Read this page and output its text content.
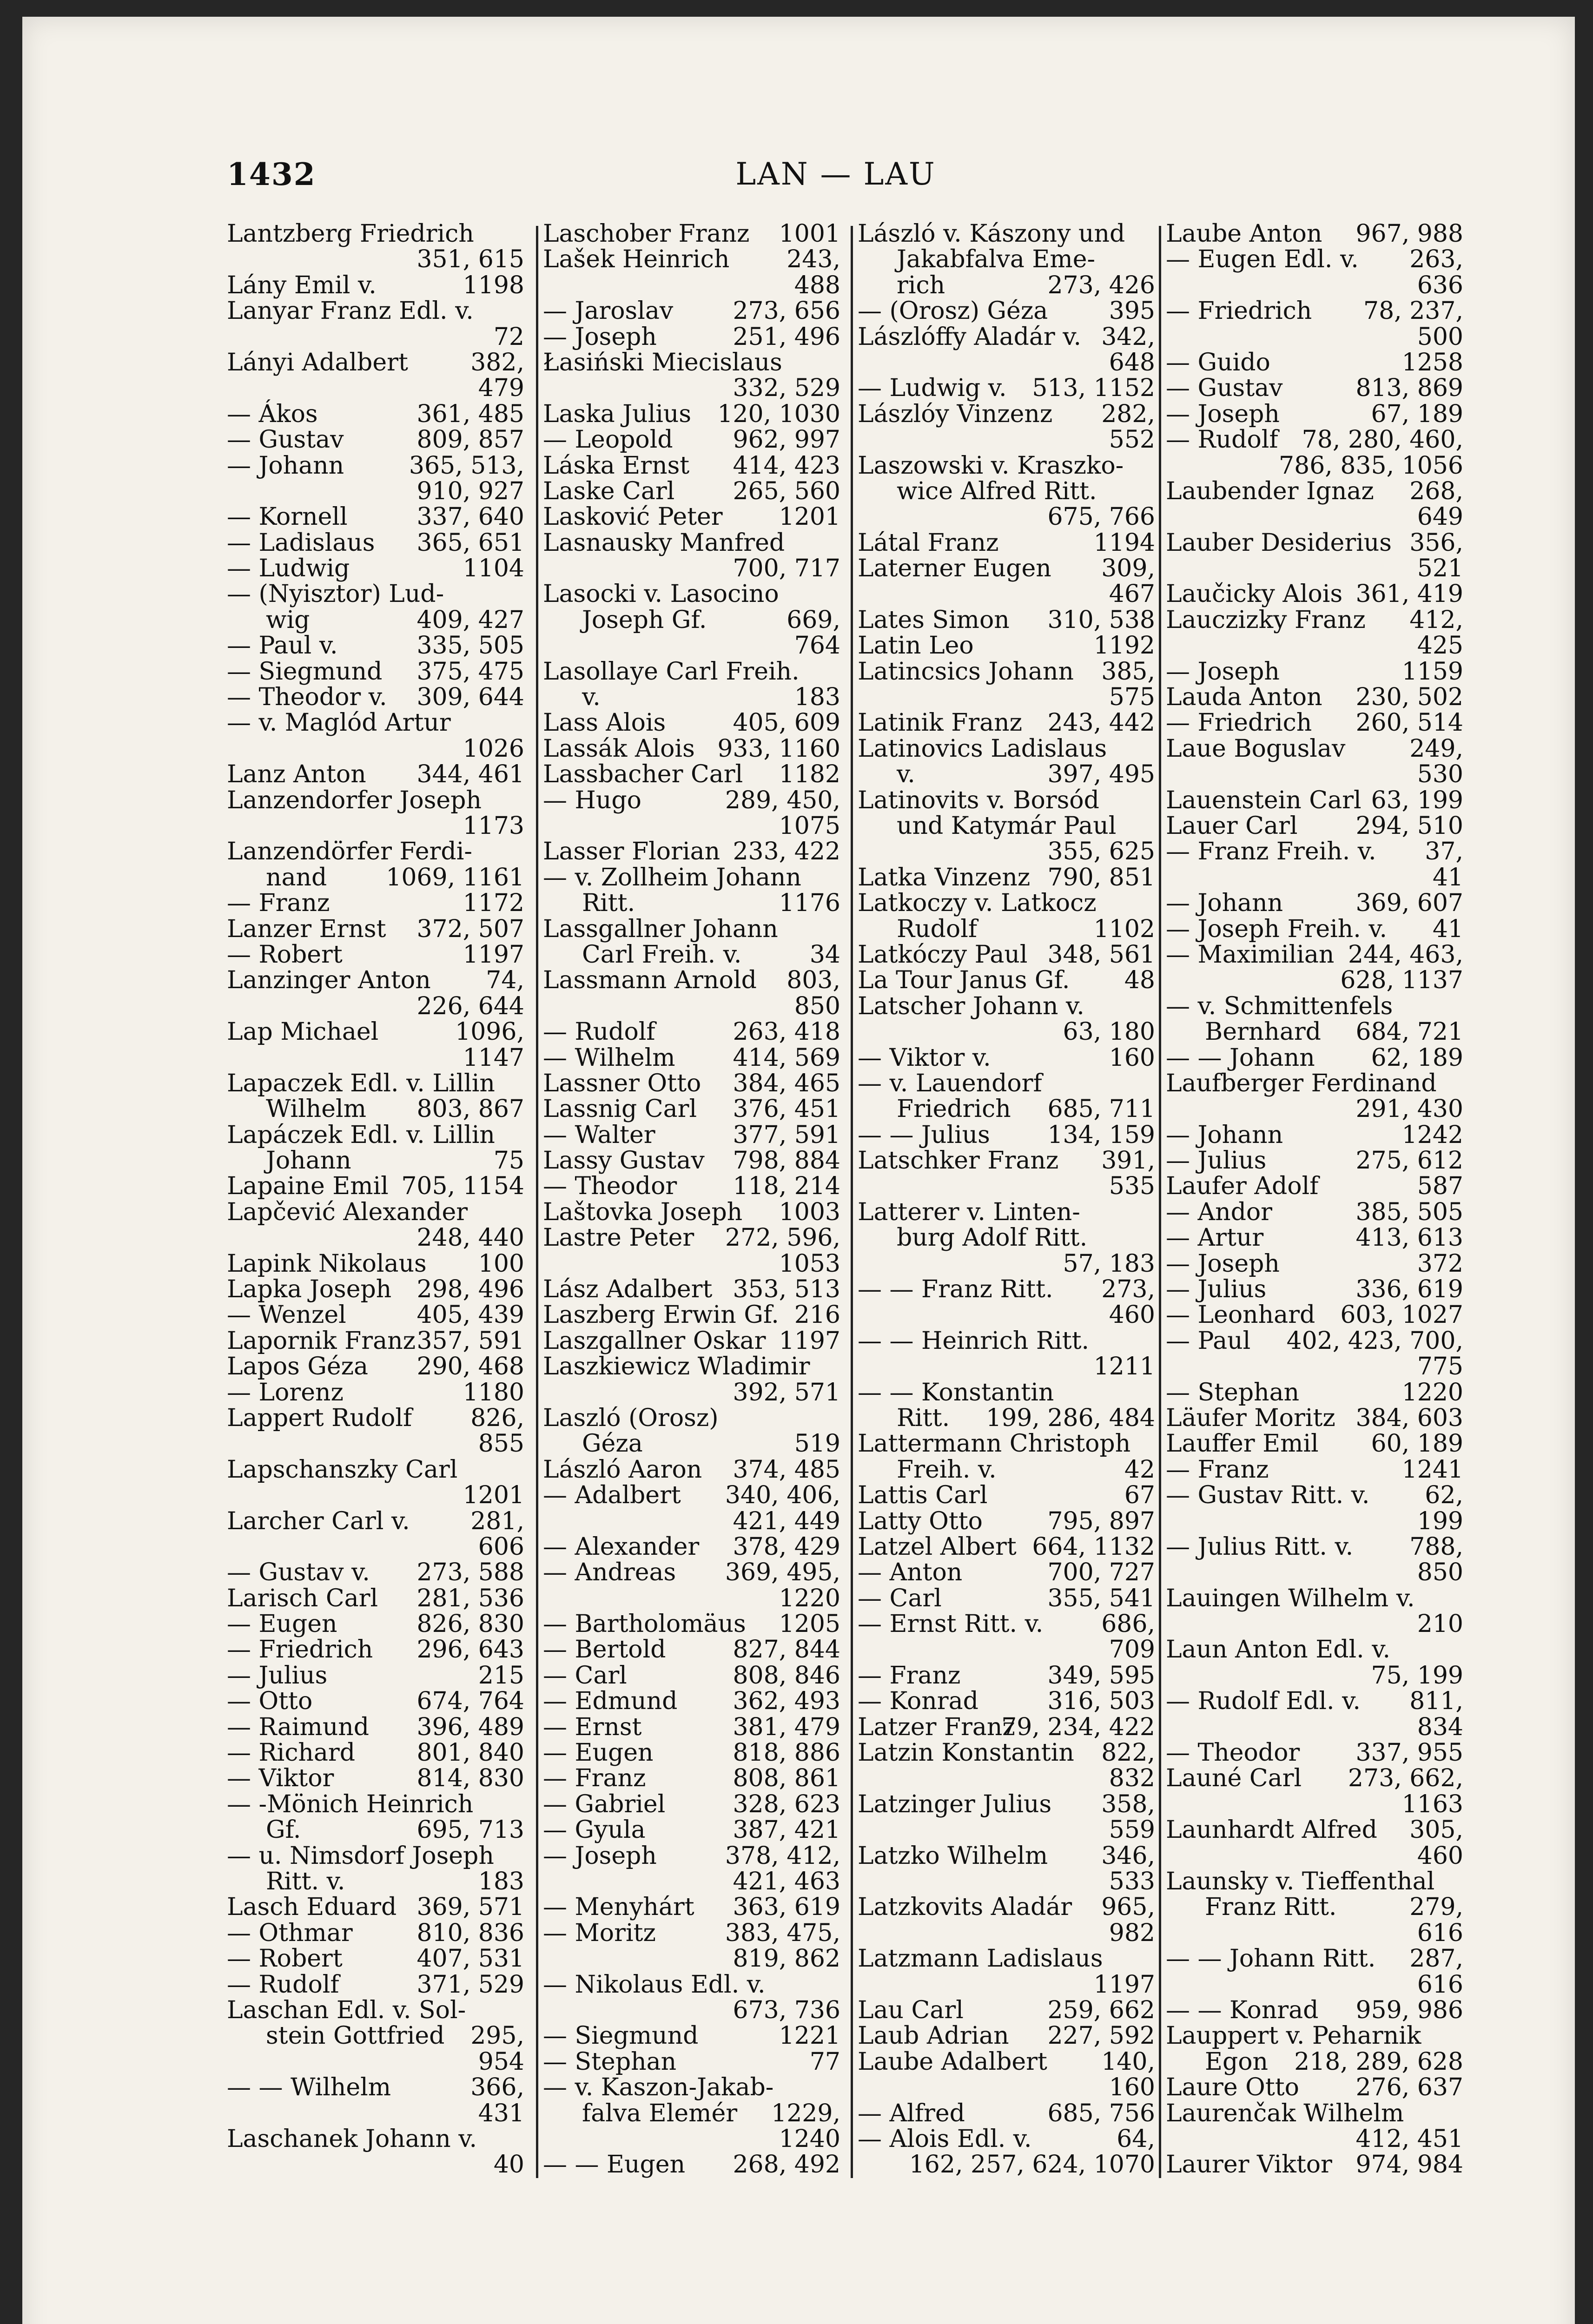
1432	LAN — LAU
Lantzberg Friedrich
351, 615
Lány Emil v.	1198
Lanyar Franz Edl. v.
72
Lányi Adalbert	382,
479
— Ákos	361, 485
— Gustav	809, 857
— Johann	365, 513,
910, 927
— Kornell	337, 640
— Ladislaus 365, 651
— Ludwig	1104
— (Nyisztor) Lud-
wig	409, 427
— Paul v.	335, 505
— Siegmund 375, 475
— Theodor v. 309, 644
— v. Maglód Artur
1026
Lanz Anton 344, 461
Lanzendorfer Joseph
1173
Lanzendörfer Ferdi-
nand 1069, 1161
— Franz	1172
Lanzer Ernst 372, 507
— Robert	1197
Lanzinger Anton 74,
226, 644
Lap Michael	1096,
1147
Lapaczek Edl. v. Lillin
Wilhelm 803, 867
Lapáczek Edl. v. Lillin
Johann	75
Lapaine Emil 705, 1154
Lapčević Alexander
248, 440
Lapink Nikolaus 100
Lapka Joseph 298, 496
— Wenzel	405, 439
Lapornik Franz 357, 591
Lapos Géza 290, 468
— Lorenz	1180
Lappert Rudolf 826,
855
Lapschanszky Carl
1201
Larcher Carl v.	281,
606
— Gustav v. 273, 588
Larisch Carl 281, 536
— Eugen	826, 830
— Friedrich 296, 643
— Julius	215
— Otto	674, 764
— Raimund 396, 489
— Richard	801, 840
— Viktor	814, 830
— -Mönich Heinrich
Gf.	695, 713
— u. Nimsdorf Joseph
Ritt. v.	183
Lasch Eduard 369, 571
— Othmar	810, 836
— Robert	407, 531
— Rudolf	371, 529
Laschan Edl. v. Sol-
stein Gottfried 295,
954
— — Wilhelm	366,
431
Laschanek Johann v.
40
Laschober Franz 1001
Lašek Heinrich 243,
488
— Jaroslav 273, 656
— Joseph	251, 496
Łasiński Miecislaus
332, 529
Laska Julius 120, 1030
— Leopold 962, 997
Láska Ernst 414, 423
Laske Carl 265, 560
Lasković Peter 1201
Lasnausky Manfred
700, 717
Lasocki v. Lasocino
Joseph Gf.	669,
764
Lasollaye Carl Freih.
v.	183
Lass Alois	405, 609
Lassák Alois 933, 1160
Lassbacher Carl 1182
— Hugo	289, 450,
1075
Lasser Florian 233, 422
— v. Zollheim Johann
Ritt.	1176
Lassgallner Johann
Carl Freih. v.	34
Lassmann Arnold 803,
850
— Rudolf	263, 418
— Wilhelm 414, 569
Lassner Otto 384, 465
Lassnig Carl 376, 451
— Walter	377, 591
Lassy Gustav 798, 884
— Theodor 118, 214
Laštovka Joseph 1003
Lastre Peter 272, 596,
1053
Lász Adalbert 353, 513
Laszberg Erwin Gf. 216
Laszgallner Oskar 1197
Laszkiewicz Wladimir
392, 571
Laszló (Orosz)
Géza	519
László Aaron 374, 485
— Adalbert 340, 406,
421, 449
— Alexander 378, 429
— Andreas 369, 495,
1220
— Bartholomäus 1205
— Bertold	827, 844
— Carl	808, 846
— Edmund 362, 493
— Ernst	381, 479
— Eugen	818, 886
— Franz	808, 861
— Gabriel	328, 623
— Gyula	387, 421
— Joseph	378, 412,
421, 463
— Menyhárt 363, 619
— Moritz	383, 475,
819, 862
— Nikolaus Edl. v.
673, 736
— Siegmund	1221
— Stephan	77
— v. Kaszon-Jakab-
falva Elemér 1229,
1240
— — Eugen 268, 492
László v. Kászony und
Jakabfalva Eme-
rich	273, 426
— (Orosz) Géza	395
Lászlóffy Aladár v. 342,
648
— Ludwig v. 513, 1152
Lászlóy Vinzenz 282,
552
Laszowski v. Kraszko-
wice Alfred Ritt.
675, 766
Látal Franz	1194
Laterner Eugen 309,
467
Lates Simon 310, 538
Latin Leo	1192
Latincsics Johann 385,
575
Latinik Franz 243, 442
Latinovics Ladislaus
v.	397, 495
Latinovits v. Borsód
und Katymár Paul
355, 625
Latka Vinzenz 790, 851
Latkoczy v. Latkocz
Rudolf	1102
Latkóczy Paul 348, 561
La Tour Janus Gf. 48
Latscher Johann v.
63, 180
— Viktor v.	160
— v. Lauendorf
Friedrich 685, 711
— — Julius 134, 159
Latschker Franz 391,
535
Latterer v. Linten-
burg Adolf Ritt.
57, 183
— — Franz Ritt. 273,
460
— — Heinrich Ritt.
1211
— — Konstantin
Ritt. 199, 286, 484
Lattermann Christoph
Freih. v.	42
Lattis Carl	67
Latty Otto	795, 897
Latzel Albert 664, 1132
— Anton	700, 727
— Carl	355, 541
— Ernst Ritt. v. 686,
709
— Franz	349, 595
— Konrad	316, 503
Latzer Franz
79, 234, 422
Latzin Konstantin 822,
832
Latzinger Julius 358,
559
Latzko Wilhelm 346,
533
Latzkovits Aladár 965,
982
Latzmann Ladislaus
1197
Lau Carl	259, 662
Laub Adrian 227, 592
Laube Adalbert 140,
160
— Alfred	685, 756
— Alois Edl. v.	64,
162, 257, 624, 1070
Laube Anton 967, 988
— Eugen Edl. v. 263,
636
— Friedrich 78, 237,
500
— Guido	1258
— Gustav	813, 869
— Joseph	67, 189
— Rudolf 78, 280, 460,
786, 835, 1056
Laubender Ignaz 268,
649
Lauber Desiderius 356,
521
Laučicky Alois 361, 419
Lauczizky Franz 412,
425
— Joseph	1159
Lauda Anton 230, 502
— Friedrich 260, 514
Laue Boguslav	249,
530
Lauenstein Carl 63, 199
Lauer Carl 294, 510
— Franz Freih. v. 37,
41
— Johann	369, 607
— Joseph Freih. v. 41
— Maximilian 244, 463,
628, 1137
— v. Schmittenfels
Bernhard 684, 721
— — Johann 62, 189
Laufberger Ferdinand
291, 430
— Johann	1242
— Julius	275, 612
Laufer Adolf	587
— Andor	385, 505
— Artur	413, 613
— Joseph	372
— Julius	336, 619
— Leonhard 603, 1027
— Paul 402, 423, 700,
775
— Stephan	1220
Läufer Moritz 384, 603
Lauffer Emil 60, 189
— Franz	1241
— Gustav Ritt. v. 62,
199
— Julius Ritt. v. 788,
850
Lauingen Wilhelm v.
210
Laun Anton Edl. v.
75, 199
— Rudolf Edl. v. 811,
834
— Theodor 337, 955
Launé Carl 273, 662,
1163
Launhardt Alfred 305,
460
Launsky v. Tieffenthal
Franz Ritt.	279,
616
— — Johann Ritt. 287,
616
— — Konrad 959, 986
Lauppert v. Peharnik
Egon 218, 289, 628
Laure Otto 276, 637
Laurenčak Wilhelm
412, 451
Laurer Viktor 974, 984
